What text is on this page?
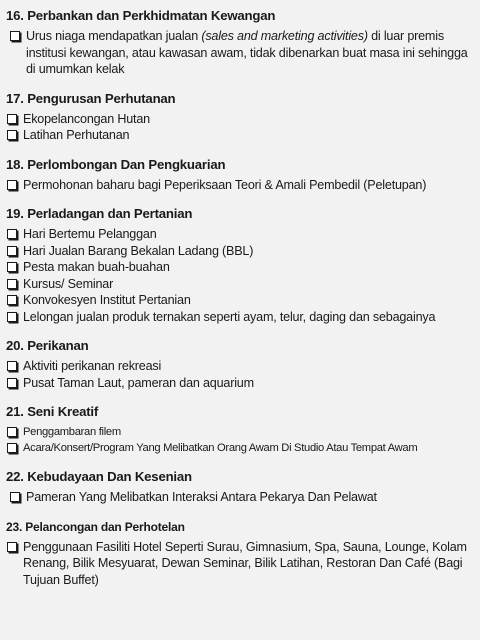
16. Perbankan dan Perkhidmatan Kewangan
Urus niaga mendapatkan jualan (sales and marketing activities) di luar premis institusi kewangan, atau kawasan awam, tidak dibenarkan buat masa ini sehingga di umumkan kelak
17. Pengurusan Perhutanan
Ekopelancongan Hutan
Latihan Perhutanan
18. Perlombongan Dan Pengkuarian
Permohonan baharu bagi Peperiksaan Teori & Amali Pembedil (Peletupan)
19. Perladangan dan Pertanian
Hari Bertemu Pelanggan
Hari Jualan Barang Bekalan Ladang (BBL)
Pesta makan buah-buahan
Kursus/ Seminar
Konvokesyen Institut Pertanian
Lelongan jualan produk ternakan seperti ayam, telur, daging dan sebagainya
20. Perikanan
Aktiviti perikanan rekreasi
Pusat Taman Laut, pameran dan aquarium
21. Seni Kreatif
Penggambaran filem
Acara/Konsert/Program Yang Melibatkan Orang Awam Di Studio Atau Tempat Awam
22. Kebudayaan Dan Kesenian
Pameran Yang Melibatkan Interaksi Antara Pekarya Dan Pelawat
23. Pelancongan dan Perhotelan
Penggunaan Fasiliti Hotel Seperti Surau, Gimnasium, Spa, Sauna, Lounge, Kolam Renang, Bilik Mesyuarat, Dewan Seminar, Bilik Latihan, Restoran Dan Café (Bagi Tujuan Buffet)
